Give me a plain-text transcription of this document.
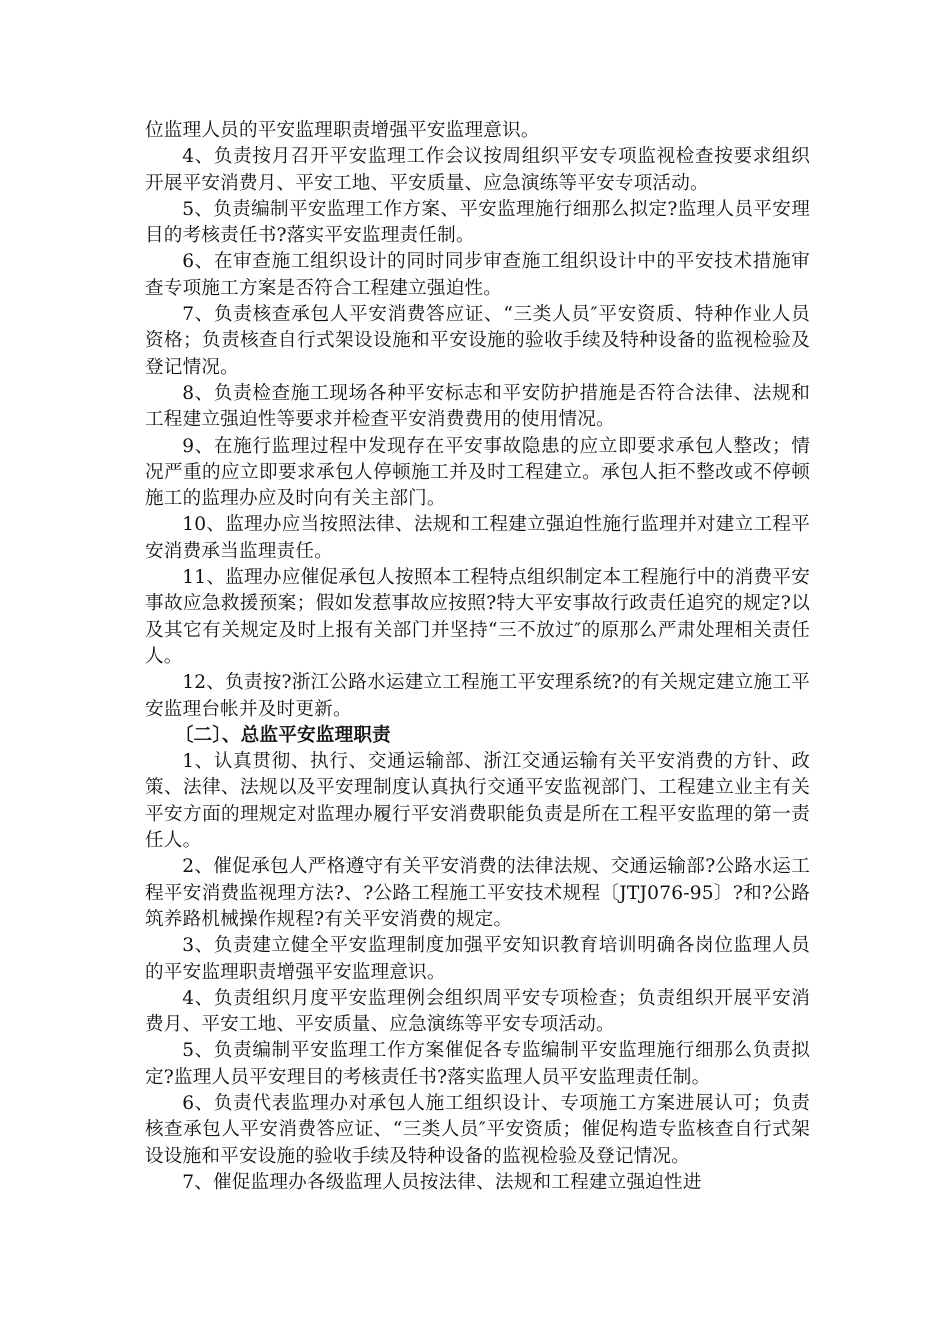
位监理人员的平安监理职责增强平安监理意识。

4、负责按月召开平安监理工作会议按周组织平安专项监视检查按要求组织开展平安消费月、平安工地、平安质量、应急演练等平安专项活动。

5、负责编制平安监理工作方案、平安监理施行细那么拟定?监理人员平安理目的考核责任书?落实平安监理责任制。

6、在审查施工组织设计的同时同步审查施工组织设计中的平安技术措施审查专项施工方案是否符合工程建立强迫性。

7、负责核查承包人平安消费答应证、“三类人员″平安资质、特种作业人员资格；负责核查自行式架设设施和平安设施的验收手续及特种设备的监视检验及登记情况。

8、负责检查施工现场各种平安标志和平安防护措施是否符合法律、法规和工程建立强迫性等要求并检查平安消费费用的使用情况。

9、在施行监理过程中发现存在平安事故隐患的应立即要求承包人整改；情况严重的应立即要求承包人停顿施工并及时工程建立。承包人拒不整改或不停顿施工的监理办应及时向有关主部门。

10、监理办应当按照法律、法规和工程建立强迫性施行监理并对建立工程平安消费承当监理责任。

11、监理办应催促承包人按照本工程特点组织制定本工程施行中的消费平安事故应急救援预案；假如发惹事故应按照?特大平安事故行政责任追究的规定?以及其它有关规定及时上报有关部门并坚持“三不放过″的原那么严肃处理相关责任人。

12、负责按?浙江公路水运建立工程施工平安理系统?的有关规定建立施工平安监理台帐并及时更新。

〔二〕、总监平安监理职责

1、认真贯彻、执行、交通运输部、浙江交通运输有关平安消费的方针、政策、法律、法规以及平安理制度认真执行交通平安监视部门、工程建立业主有关平安方面的理规定对监理办履行平安消费职能负责是所在工程平安监理的第一责任人。

2、催促承包人严格遵守有关平安消费的法律法规、交通运输部?公路水运工程平安消费监视理方法?、?公路工程施工平安技术规程〔JTJ076-95〕?和?公路筑养路机械操作规程?有关平安消费的规定。

3、负责建立健全平安监理制度加强平安知识教育培训明确各岗位监理人员的平安监理职责增强平安监理意识。

4、负责组织月度平安监理例会组织周平安专项检查；负责组织开展平安消费月、平安工地、平安质量、应急演练等平安专项活动。

5、负责编制平安监理工作方案催促各专监编制平安监理施行细那么负责拟定?监理人员平安理目的考核责任书?落实监理人员平安监理责任制。

6、负责代表监理办对承包人施工组织设计、专项施工方案进展认可；负责核查承包人平安消费答应证、“三类人员″平安资质；催促构造专监核查自行式架设设施和平安设施的验收手续及特种设备的监视检验及登记情况。

7、催促监理办各级监理人员按法律、法规和工程建立强迫性进
